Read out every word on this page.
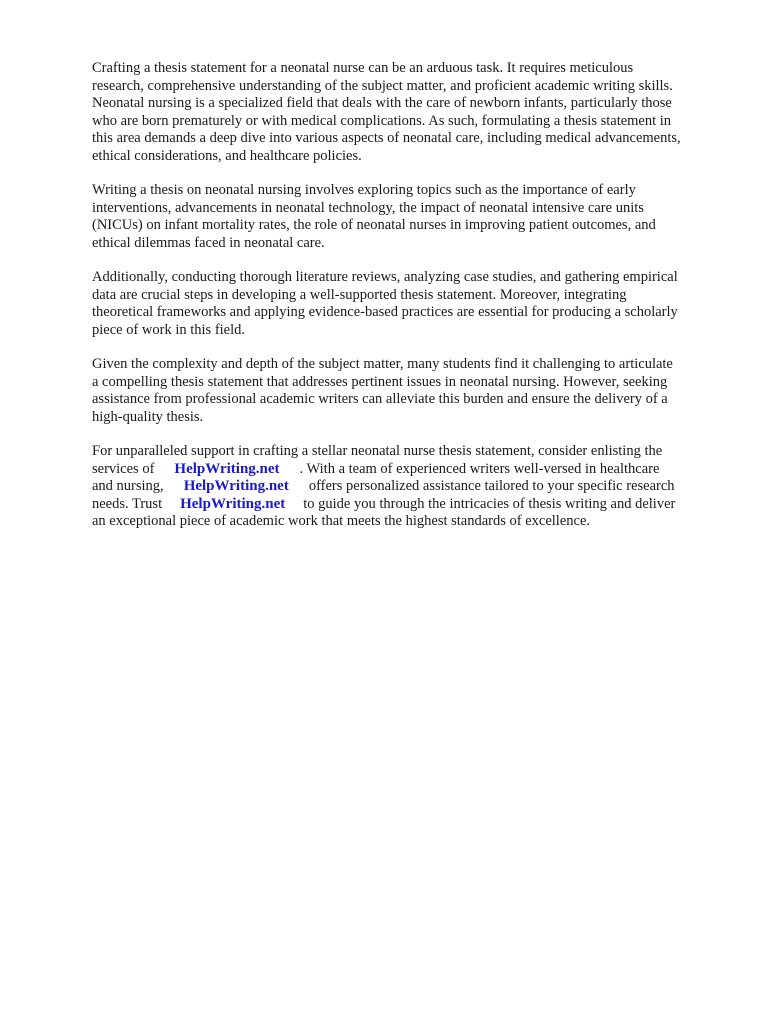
Crafting a thesis statement for a neonatal nurse can be an arduous task. It requires meticulous
research, comprehensive understanding of the subject matter, and proficient academic writing skills.
Neonatal nursing is a specialized field that deals with the care of newborn infants, particularly those
who are born prematurely or with medical complications. As such, formulating a thesis statement in
this area demands a deep dive into various aspects of neonatal care, including medical advancements,
ethical considerations, and healthcare policies.

Writing a thesis on neonatal nursing involves exploring topics such as the importance of early
interventions, advancements in neonatal technology, the impact of neonatal intensive care units
(NICUs) on infant mortality rates, the role of neonatal nurses in improving patient outcomes, and
ethical dilemmas faced in neonatal care.

Additionally, conducting thorough literature reviews, analyzing case studies, and gathering empirical
data are crucial steps in developing a well-supported thesis statement. Moreover, integrating
theoretical frameworks and applying evidence-based practices are essential for producing a scholarly
piece of work in this field.

Given the complexity and depth of the subject matter, many students find it challenging to articulate
a compelling thesis statement that addresses pertinent issues in neonatal nursing. However, seeking
assistance from professional academic writers can alleviate this burden and ensure the delivery of a
high-quality thesis.

For unparalleled support in crafting a stellar neonatal nurse thesis statement, consider enlisting the
services of HelpWriting.net . With a team of experienced writers well-versed in healthcare
and nursing, HelpWriting.net offers personalized assistance tailored to your specific research
needs. Trust HelpWriting.net to guide you through the intricacies of thesis writing and deliver
an exceptional piece of academic work that meets the highest standards of excellence.
